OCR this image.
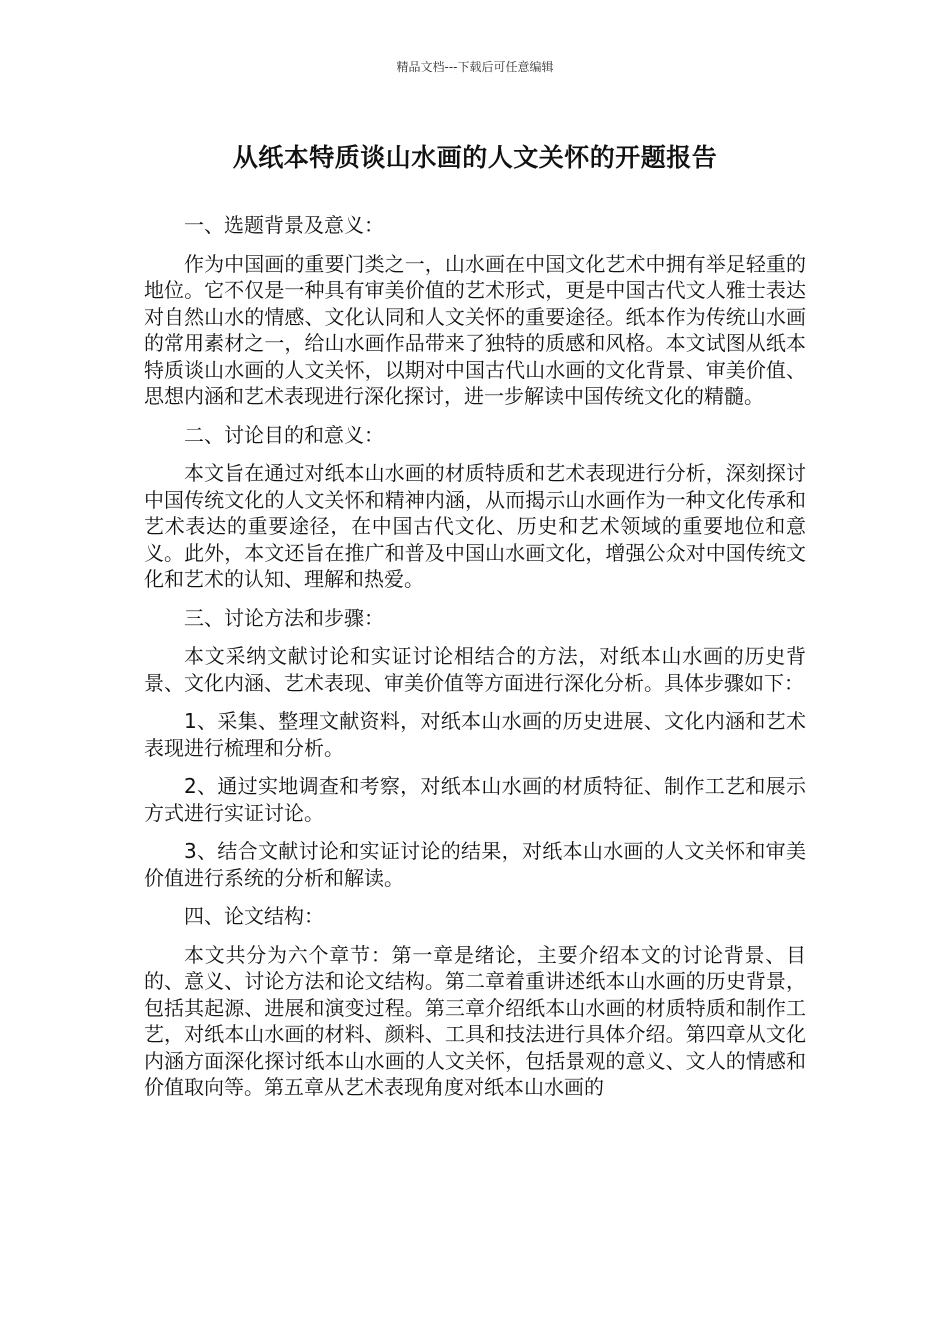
精品文档---下载后可任意编辑
从纸本特质谈山水画的人文关怀的开题报告

一、选题背景及意义：

作为中国画的重要门类之一，山水画在中国文化艺术中拥有举足轻重的地位。它不仅是一种具有审美价值的艺术形式，更是中国古代文人雅士表达对自然山水的情感、文化认同和人文关怀的重要途径。纸本作为传统山水画的常用素材之一，给山水画作品带来了独特的质感和风格。本文试图从纸本特质谈山水画的人文关怀，以期对中国古代山水画的文化背景、审美价值、思想内涵和艺术表现进行深化探讨，进一步解读中国传统文化的精髓。

二、讨论目的和意义：

本文旨在通过对纸本山水画的材质特质和艺术表现进行分析，深刻探讨中国传统文化的人文关怀和精神内涵，从而揭示山水画作为一种文化传承和艺术表达的重要途径，在中国古代文化、历史和艺术领域的重要地位和意义。此外，本文还旨在推广和普及中国山水画文化，增强公众对中国传统文化和艺术的认知、理解和热爱。

三、讨论方法和步骤：

本文采纳文献讨论和实证讨论相结合的方法，对纸本山水画的历史背景、文化内涵、艺术表现、审美价值等方面进行深化分析。具体步骤如下：

1、采集、整理文献资料，对纸本山水画的历史进展、文化内涵和艺术表现进行梳理和分析。

2、通过实地调查和考察，对纸本山水画的材质特征、制作工艺和展示方式进行实证讨论。

3、结合文献讨论和实证讨论的结果，对纸本山水画的人文关怀和审美价值进行系统的分析和解读。

四、论文结构：

本文共分为六个章节：第一章是绪论，主要介绍本文的讨论背景、目的、意义、讨论方法和论文结构。第二章着重讲述纸本山水画的历史背景，包括其起源、进展和演变过程。第三章介绍纸本山水画的材质特质和制作工艺，对纸本山水画的材料、颜料、工具和技法进行具体介绍。第四章从文化内涵方面深化探讨纸本山水画的人文关怀，包括景观的意义、文人的情感和价值取向等。第五章从艺术表现角度对纸本山水画的
